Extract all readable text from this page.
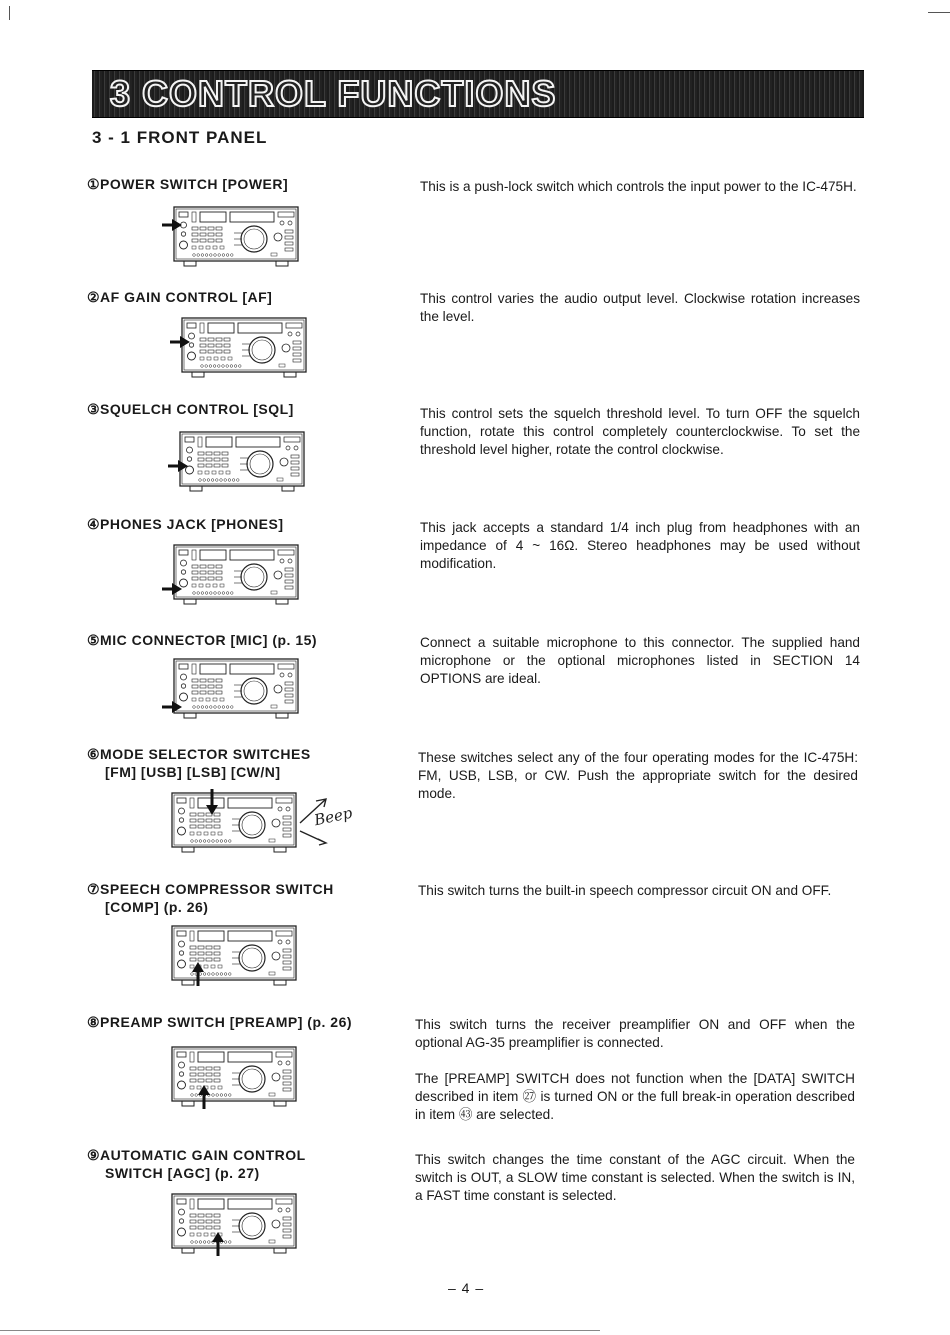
3 CONTROL FUNCTIONS
3 - 1 FRONT PANEL
①POWER SWITCH [POWER]	This is a push-lock switch which controls the input power to the IC-475H.

②AF GAIN CONTROL [AF]	This control varies the audio output level. Clockwise rotation increases the level.

③SQUELCH CONTROL [SQL]	This control sets the squelch threshold level. To turn OFF the squelch function, rotate this control completely counterclockwise. To set the threshold level higher, rotate the control clockwise.

④PHONES JACK [PHONES]	This jack accepts a standard 1/4 inch plug from headphones with an impedance of 4 ~ 16Ω. Stereo headphones may be used without modification.

⑤MIC CONNECTOR [MIC] (p. 15)	Connect a suitable microphone to this connector. The supplied hand microphone or the optional microphones listed in SECTION 14 OPTIONS are ideal.

⑥MODE SELECTOR SWITCHES
[FM] [USB] [LSB] [CW/N]

These switches select any of the four operating modes for the IC-475H: FM, USB, LSB, or CW. Push the appropriate switch for the desired mode.

Beep
⑦SPEECH COMPRESSOR SWITCH
[COMP] (p. 26)

This switch turns the built-in speech compressor circuit ON and OFF.

⑧PREAMP SWITCH [PREAMP] (p. 26)	This switch turns the receiver preamplifier ON and OFF when the optional AG-35 preamplifier is connected.

The [PREAMP] SWITCH does not function when the [DATA] SWITCH described in item ㉗ is turned ON or the full break-in operation described in item ㊸ are selected.

⑨AUTOMATIC GAIN CONTROL
SWITCH [AGC] (p. 27)

This switch changes the time constant of the AGC circuit. When the switch is OUT, a SLOW time constant is selected. When the switch is IN, a FAST time constant is selected.

– 4 –
